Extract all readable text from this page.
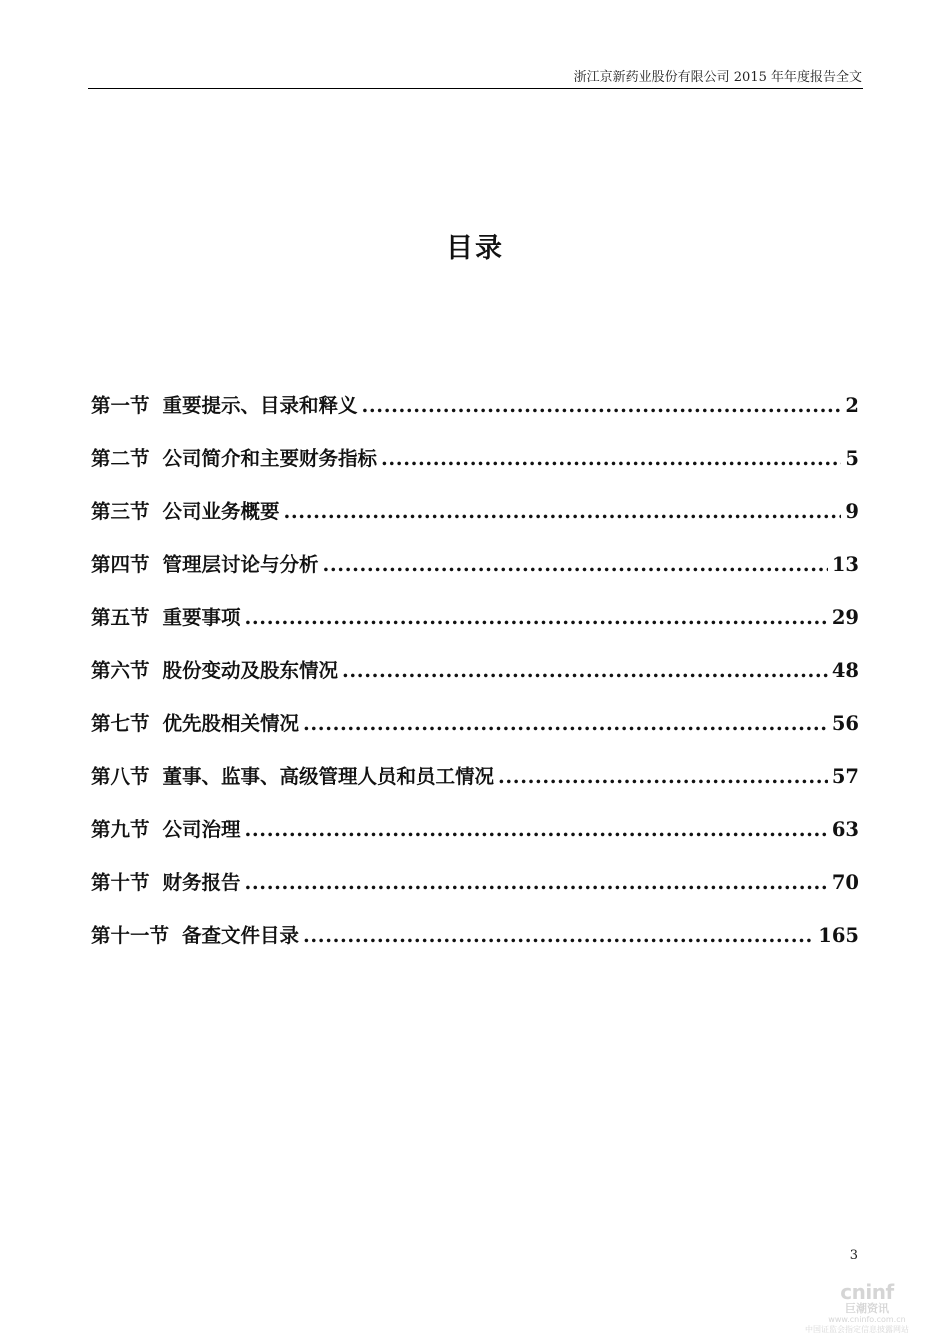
浙江京新药业股份有限公司 2015 年年度报告全文
目录
第一节 重要提示、目录和释义 .....	2
第二节 公司简介和主要财务指标 .....	5
第三节 公司业务概要 .....	9
第四节 管理层讨论与分析 .....	13
第五节 重要事项 .....	29
第六节 股份变动及股东情况 .....	48
第七节 优先股相关情况 .....	56
第八节 董事、监事、高级管理人员和员工情况 .....	57
第九节 公司治理 .....	63
第十节 财务报告 .....	70
第十一节 备查文件目录 .....	165
3
cninf
巨潮资讯
www.cninfo.com.cn
中国证监会指定信息披露网站
